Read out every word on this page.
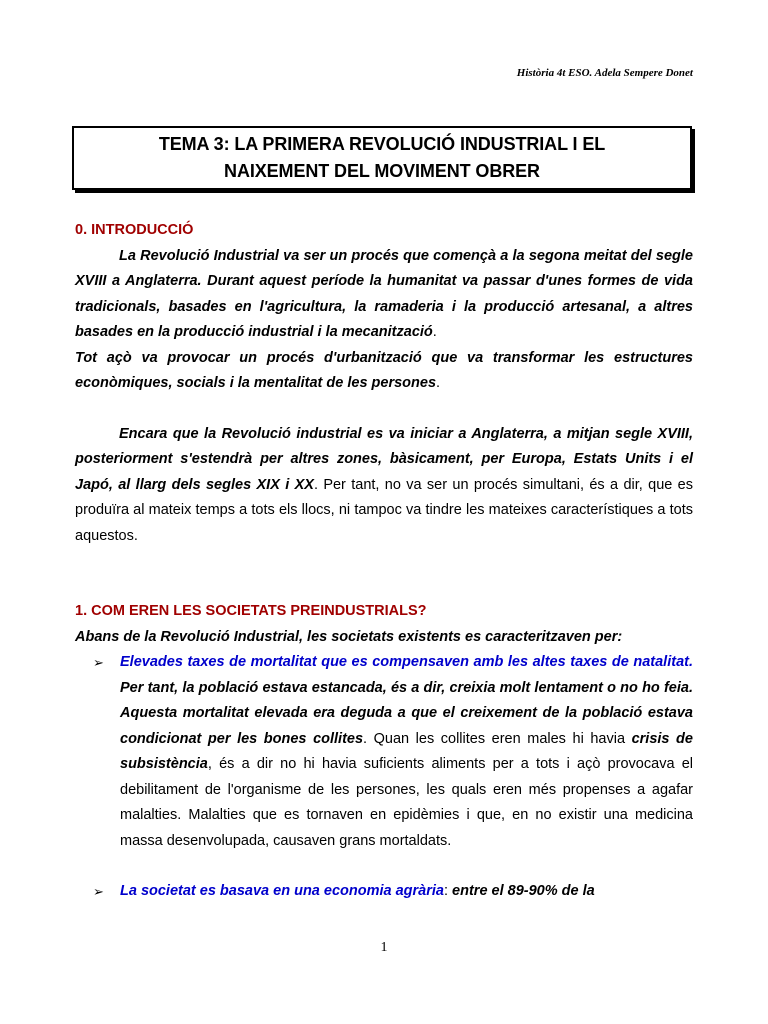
Història 4t ESO. Adela Sempere Donet
TEMA 3: LA PRIMERA REVOLUCIÓ INDUSTRIAL I EL
NAIXEMENT DEL MOVIMENT OBRER

0. INTRODUCCIÓ

La Revolució Industrial va ser un procés que començà a la segona meitat del segle XVIII a Anglaterra. Durant aquest període la humanitat va passar d'unes formes de vida tradicionals, basades en l'agricultura, la ramaderia i la producció artesanal, a altres basades en la producció industrial i la mecanització.

Tot açò va provocar un procés d'urbanització que va transformar les estructures econòmiques, socials i la mentalitat de les persones.

Encara que la Revolució industrial es va iniciar a Anglaterra, a mitjan segle XVIII, posteriorment s'estendrà per altres zones, bàsicament, per Europa, Estats Units i el Japó, al llarg dels segles XIX i XX. Per tant, no va ser un procés simultani, és a dir, que es produïra al mateix temps a tots els llocs, ni tampoc va tindre les mateixes característiques a tots aquestos.

1. COM EREN LES SOCIETATS PREINDUSTRIALS?

Abans de la Revolució Industrial, les societats existents es caracteritzaven per:

➢ Elevades taxes de mortalitat que es compensaven amb les altes taxes de natalitat. Per tant, la població estava estancada, és a dir, creixia molt lentament o no ho feia. Aquesta mortalitat elevada era deguda a que el creixement de la població estava condicionat per les bones collites. Quan les collites eren males hi havia crisis de subsistència, és a dir no hi havia suficients aliments per a tots i açò provocava el debilitament de l'organisme de les persones, les quals eren més propenses a agafar malalties. Malalties que es tornaven en epidèmies i que, en no existir una medicina massa desenvolupada, causaven grans mortaldats.
➢ La societat es basava en una economia agrària: entre el 89-90% de la
1
